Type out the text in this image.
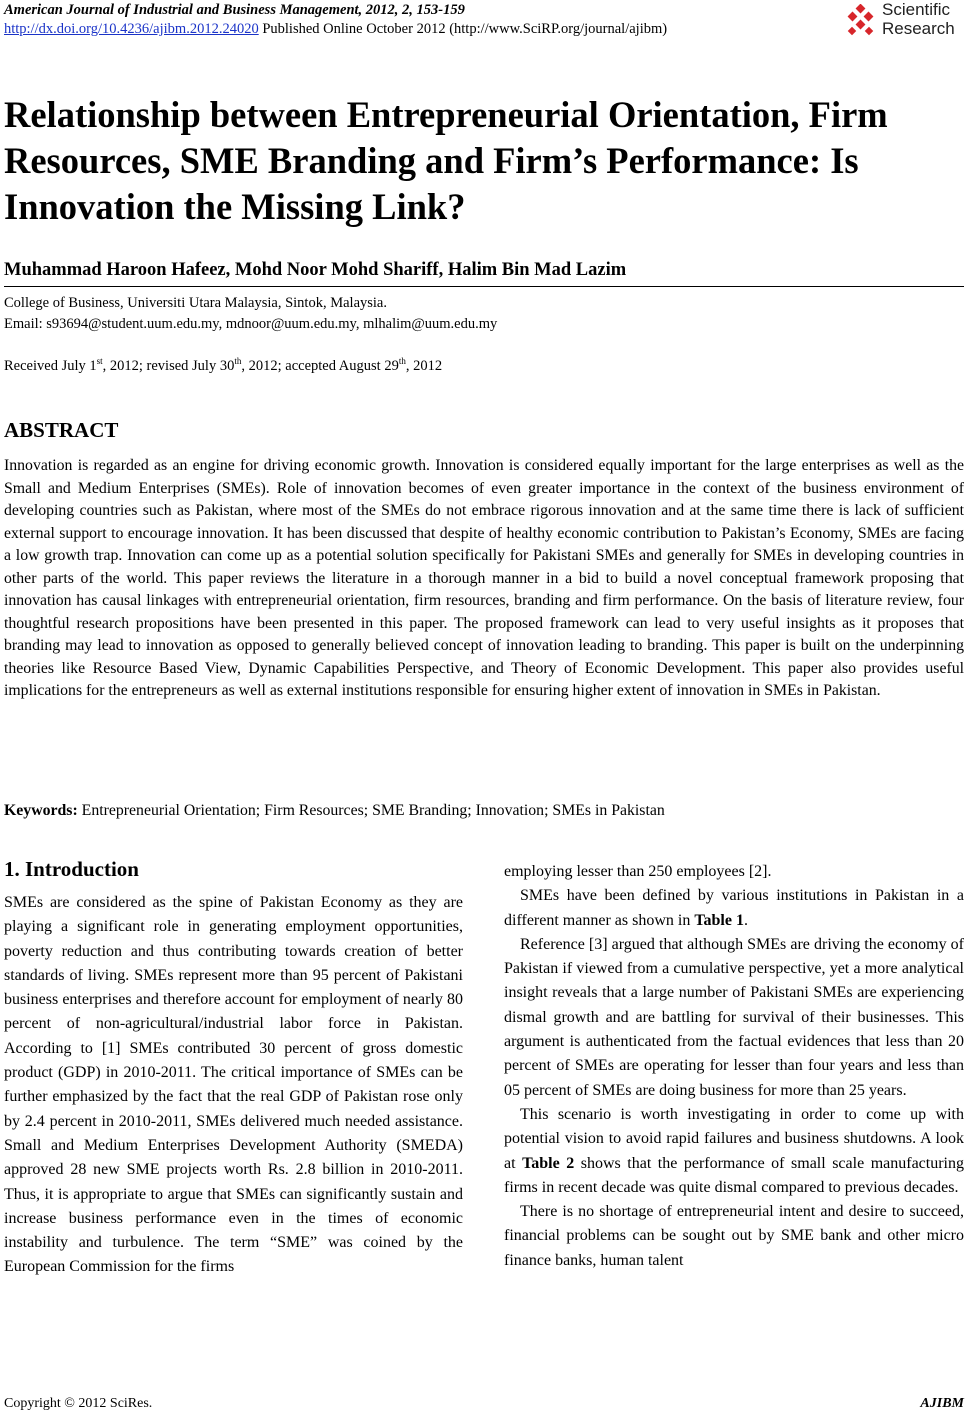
American Journal of Industrial and Business Management, 2012, 2, 153-159
http://dx.doi.org/10.4236/ajibm.2012.24020 Published Online October 2012 (http://www.SciRP.org/journal/ajibm)
Scientific
Research
Relationship between Entrepreneurial Orientation, Firm Resources, SME Branding and Firm’s Performance: Is Innovation the Missing Link?
Muhammad Haroon Hafeez, Mohd Noor Mohd Shariff, Halim Bin Mad Lazim
College of Business, Universiti Utara Malaysia, Sintok, Malaysia.
Email: s93694@student.uum.edu.my, mdnoor@uum.edu.my, mlhalim@uum.edu.my
Received July 1st, 2012; revised July 30th, 2012; accepted August 29th, 2012
ABSTRACT

Innovation is regarded as an engine for driving economic growth. Innovation is considered equally important for the large enterprises as well as the Small and Medium Enterprises (SMEs). Role of innovation becomes of even greater importance in the context of the business environment of developing countries such as Pakistan, where most of the SMEs do not embrace rigorous innovation and at the same time there is lack of sufficient external support to encourage innovation. It has been discussed that despite of healthy economic contribution to Pakistan’s Economy, SMEs are facing a low growth trap. Innovation can come up as a potential solution specifically for Pakistani SMEs and generally for SMEs in developing countries in other parts of the world. This paper reviews the literature in a thorough manner in a bid to build a novel conceptual framework proposing that innovation has causal linkages with entrepreneurial orientation, firm resources, branding and firm performance. On the basis of literature review, four thoughtful research propositions have been presented in this paper. The proposed framework can lead to very useful insights as it proposes that branding may lead to innovation as opposed to generally believed concept of innovation leading to branding. This paper is built on the underpinning theories like Resource Based View, Dynamic Capabilities Perspective, and Theory of Economic Development. This paper also provides useful implications for the entrepreneurs as well as external institutions responsible for ensuring higher extent of innovation in SMEs in Pakistan.

Keywords: Entrepreneurial Orientation; Firm Resources; SME Branding; Innovation; SMEs in Pakistan

1. Introduction

SMEs are considered as the spine of Pakistan Economy as they are playing a significant role in generating employment opportunities, poverty reduction and thus contributing towards creation of better standards of living. SMEs represent more than 95 percent of Pakistani business enterprises and therefore account for employment of nearly 80 percent of non-agricultural/industrial labor force in Pakistan. According to [1] SMEs contributed 30 percent of gross domestic product (GDP) in 2010-2011. The critical importance of SMEs can be further emphasized by the fact that the real GDP of Pakistan rose only by 2.4 percent in 2010-2011, SMEs delivered much needed assistance. Small and Medium Enterprises Development Authority (SMEDA) approved 28 new SME projects worth Rs. 2.8 billion in 2010-2011. Thus, it is appropriate to argue that SMEs can significantly sustain and increase business performance even in the times of economic instability and turbulence. The term “SME” was coined by the European Commission for the firms

employing lesser than 250 employees [2].

SMEs have been defined by various institutions in Pakistan in a different manner as shown in Table 1.

Reference [3] argued that although SMEs are driving the economy of Pakistan if viewed from a cumulative perspective, yet a more analytical insight reveals that a large number of Pakistani SMEs are experiencing dismal growth and are battling for survival of their businesses. This argument is authenticated from the factual evidences that less than 20 percent of SMEs are operating for lesser than four years and less than 05 percent of SMEs are doing business for more than 25 years.

This scenario is worth investigating in order to come up with potential vision to avoid rapid failures and business shutdowns. A look at Table 2 shows that the performance of small scale manufacturing firms in recent decade was quite dismal compared to previous decades.

There is no shortage of entrepreneurial intent and desire to succeed, financial problems can be sought out by SME bank and other micro finance banks, human talent

Copyright © 2012 SciRes.	AJIBM
